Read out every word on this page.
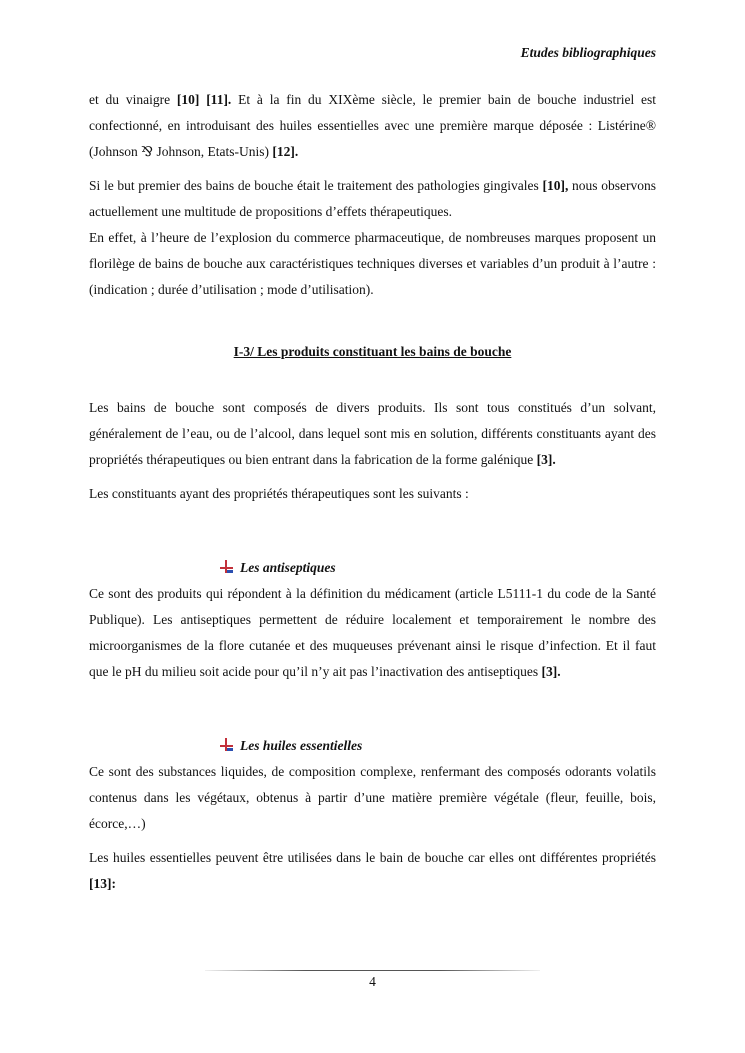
Etudes bibliographiques

et du vinaigre [10] [11]. Et à la fin du XIXème siècle, le premier bain de bouche industriel est confectionné, en introduisant des huiles essentielles avec une première marque déposée : Listérine® (Johnson ⅋ Johnson, Etats-Unis) [12].

Si le but premier des bains de bouche était le traitement des pathologies gingivales [10], nous observons actuellement une multitude de propositions d’effets thérapeutiques.

En effet, à l’heure de l’explosion du commerce pharmaceutique, de nombreuses marques proposent un florilège de bains de bouche aux caractéristiques techniques diverses et variables d’un produit à l’autre : (indication ; durée d’utilisation ; mode d’utilisation).

I-3/ Les produits constituant les bains de bouche

Les bains de bouche sont composés de divers produits. Ils sont tous constitués d’un solvant, généralement de l’eau, ou de l’alcool, dans lequel sont mis en solution, différents constituants ayant des propriétés thérapeutiques ou bien entrant dans la fabrication de la forme galénique [3].

Les constituants ayant des propriétés thérapeutiques sont les suivants :

Les antiseptiques

Ce sont des produits qui répondent à la définition du médicament (article L5111-1 du code de la Santé Publique). Les antiseptiques permettent de réduire localement et temporairement le nombre des microorganismes de la flore cutanée et des muqueuses prévenant ainsi le risque d’infection. Et il faut que le pH du milieu soit acide pour qu’il n’y ait pas l’inactivation des antiseptiques [3].

Les huiles essentielles

Ce sont des substances liquides, de composition complexe, renfermant des composés odorants volatils contenus dans les végétaux, obtenus à partir d’une matière première végétale (fleur, feuille, bois, écorce,…)

Les huiles essentielles peuvent être utilisées dans le bain de bouche car elles ont différentes propriétés [13]:

4
